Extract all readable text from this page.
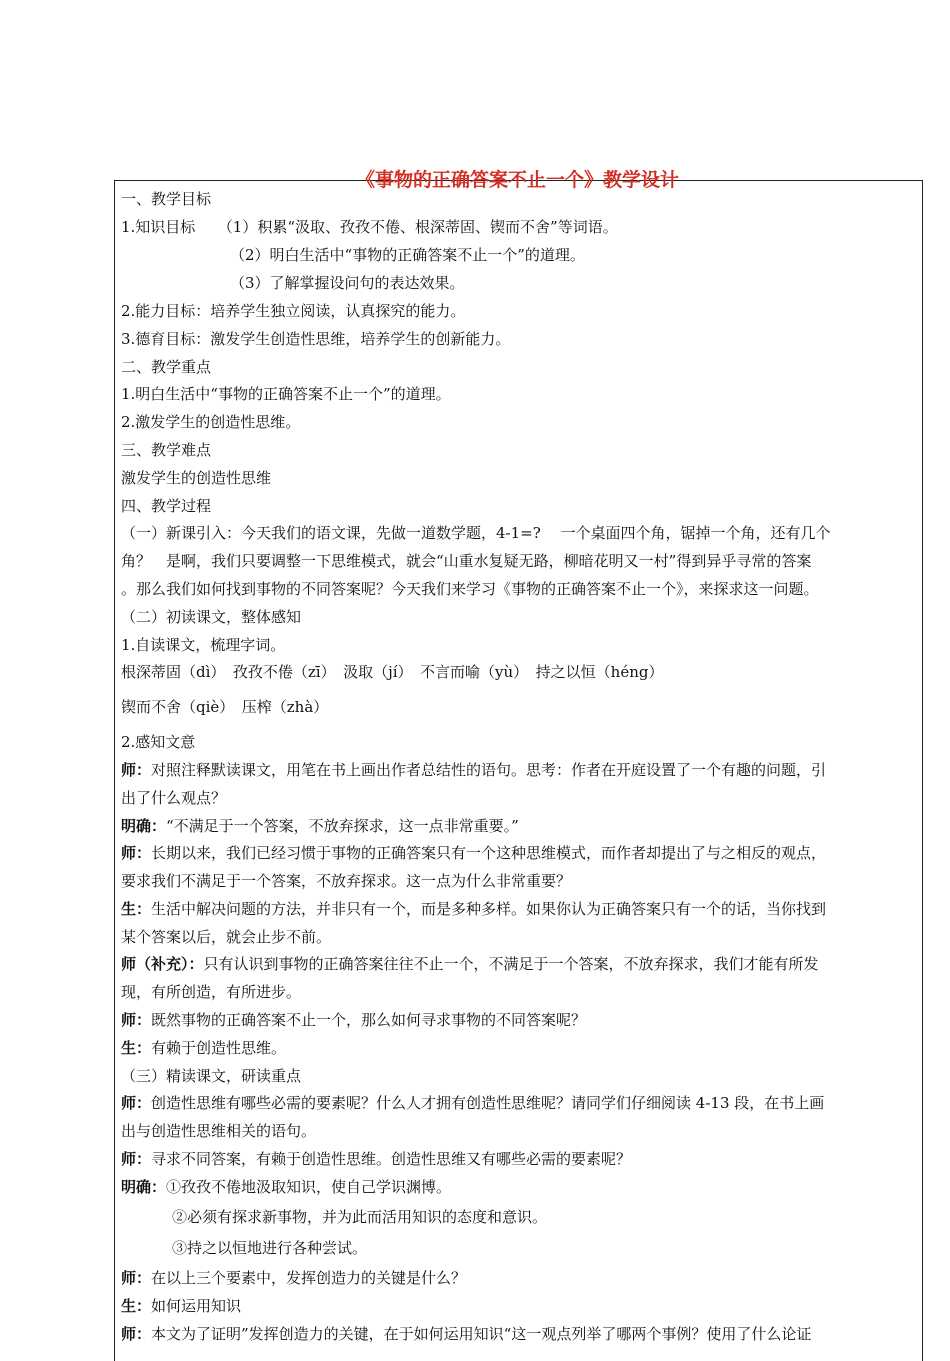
《事物的正确答案不止一个》教学设计
一、教学目标
1.知识目标　　（1）积累“汲取、孜孜不倦、根深蒂固、锲而不舍”等词语。
（2）明白生活中“事物的正确答案不止一个”的道理。
（3）了解掌握设问句的表达效果。
2.能力目标：培养学生独立阅读，认真探究的能力。
3.德育目标：激发学生创造性思维，培养学生的创新能力。
二、教学重点
1.明白生活中“事物的正确答案不止一个”的道理。
2.激发学生的创造性思维。
三、教学难点
激发学生的创造性思维
四、教学过程
（一）新课引入：今天我们的语文课，先做一道数学题，4-1=?　 一个桌面四个角，锯掉一个角，还有几个
角？　是啊，我们只要调整一下思维模式，就会“山重水复疑无路，柳暗花明又一村”得到异乎寻常的答案
。那么我们如何找到事物的不同答案呢？今天我们来学习《事物的正确答案不止一个》，来探求这一问题。
（二）初读课文，整体感知
1.自读课文，梳理字词。
根深蒂固（dì）　孜孜不倦（zī）　汲取（jí）　不言而喻（yù）　持之以恒（héng）
锲而不舍（qiè）　压榨（zhà）
2.感知文意
师：对照注释默读课文，用笔在书上画出作者总结性的语句。思考：作者在开庭设置了一个有趣的问题，引
出了什么观点？
明确：“不满足于一个答案，不放弃探求，这一点非常重要。”
师：长期以来，我们已经习惯于事物的正确答案只有一个这种思维模式，而作者却提出了与之相反的观点，
要求我们不满足于一个答案，不放弃探求。这一点为什么非常重要？
生：生活中解决问题的方法，并非只有一个，而是多种多样。如果你认为正确答案只有一个的话，当你找到
某个答案以后，就会止步不前。
师（补充）：只有认识到事物的正确答案往往不止一个，不满足于一个答案，不放弃探求，我们才能有所发
现，有所创造，有所进步。
师：既然事物的正确答案不止一个，那么如何寻求事物的不同答案呢？
生：有赖于创造性思维。
（三）精读课文，研读重点
师：创造性思维有哪些必需的要素呢？什么人才拥有创造性思维呢？请同学们仔细阅读 4-13 段，在书上画
出与创造性思维相关的语句。
师：寻求不同答案，有赖于创造性思维。创造性思维又有哪些必需的要素呢？
明确：①孜孜不倦地汲取知识，使自己学识渊博。
②必须有探求新事物，并为此而活用知识的态度和意识。
③持之以恒地进行各种尝试。
师：在以上三个要素中，发挥创造力的关键是什么？
生：如何运用知识
师：本文为了证明”发挥创造力的关键，在于如何运用知识“这一观点列举了哪两个事例？使用了什么论证
